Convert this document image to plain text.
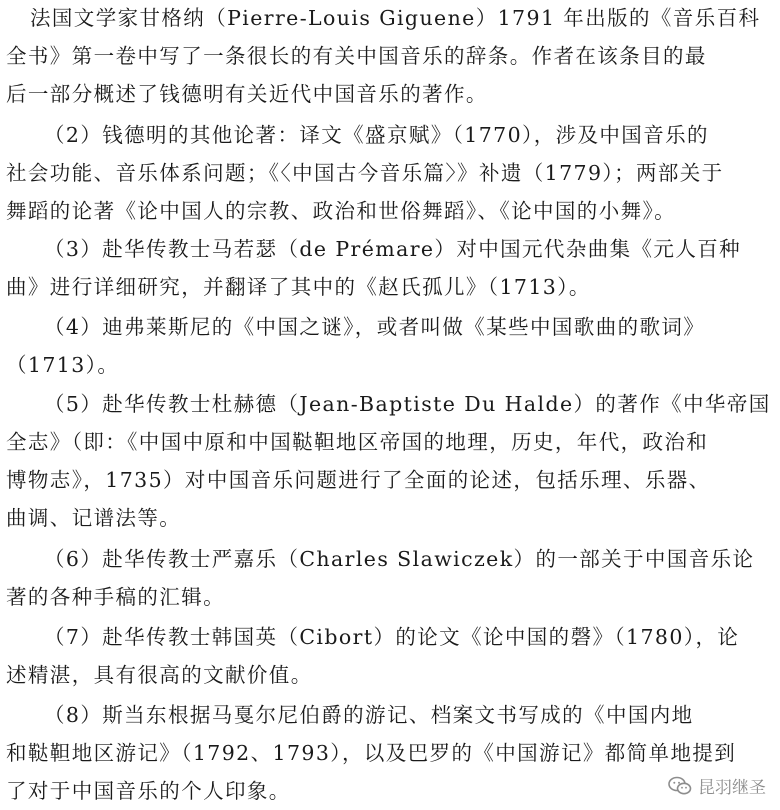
法国文学家甘格纳（Pierre-Louis Giguene）1791 年出版的《音乐百科
全书》第一卷中写了一条很长的有关中国音乐的辞条。作者在该条目的最
后一部分概述了钱德明有关近代中国音乐的著作。
（2）钱德明的其他论著：译文《盛京赋》（1770），涉及中国音乐的
社会功能、音乐体系问题；《〈中国古今音乐篇〉》补遗（1779）；两部关于
舞蹈的论著《论中国人的宗教、政治和世俗舞蹈》、《论中国的小舞》。
（3）赴华传教士马若瑟（de Prémare）对中国元代杂曲集《元人百种
曲》进行详细研究，并翻译了其中的《赵氏孤儿》（1713）。
（4）迪弗莱斯尼的《中国之谜》，或者叫做《某些中国歌曲的歌词》
（1713）。
（5）赴华传教士杜赫德（Jean-Baptiste Du Halde）的著作《中华帝国
全志》（即：《中国中原和中国鞑靼地区帝国的地理，历史，年代，政治和
博物志》，1735）对中国音乐问题进行了全面的论述，包括乐理、乐器、
曲调、记谱法等。
（6）赴华传教士严嘉乐（Charles Slawiczek）的一部关于中国音乐论
著的各种手稿的汇辑。
（7）赴华传教士韩国英（Cibort）的论文《论中国的磬》（1780），论
述精湛，具有很高的文献价值。
（8）斯当东根据马戛尔尼伯爵的游记、档案文书写成的《中国内地
和鞑靼地区游记》（1792、1793），以及巴罗的《中国游记》都简单地提到
了对于中国音乐的个人印象。	昆羽继圣
